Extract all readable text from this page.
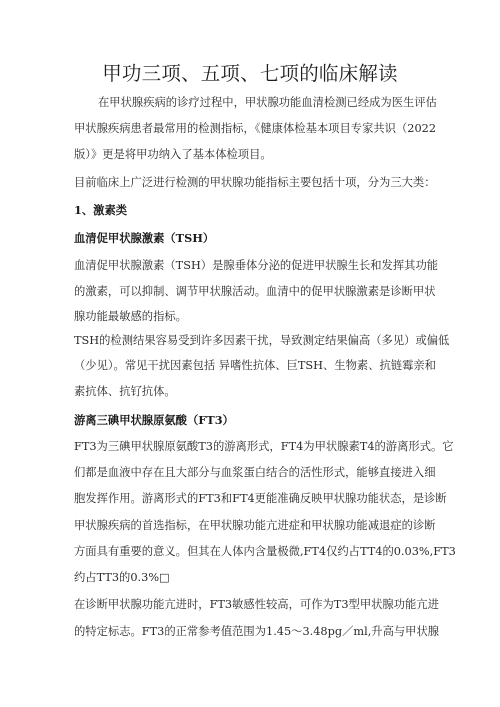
甲功三项、五项、七项的临床解读
在甲状腺疾病的诊疗过程中，甲状腺功能血清检测已经成为医生评估
甲状腺疾病患者最常用的检测指标，《健康体检基本项目专家共识（2022
版）》更是将甲功纳入了基本体检项目。
目前临床上广泛进行检测的甲状腺功能指标主要包括十项，分为三大类：
1、激素类
血清促甲状腺激素（TSH）
血清促甲状腺激素（TSH）是腺垂体分泌的促进甲状腺生长和发挥其功能
的激素，可以抑制、调节甲状腺活动。血清中的促甲状腺激素是诊断甲状
腺功能最敏感的指标。
TSH的检测结果容易受到许多因素干扰，导致测定结果偏高（多见）或偏低
（少见）。常见干扰因素包括 异嗜性抗体、巨TSH、生物素、抗链霉亲和
素抗体、抗钌抗体。
游离三碘甲状腺原氨酸（FT3）
FT3为三碘甲状腺原氨酸T3的游离形式，FT4为甲状腺素T4的游离形式。它
们都是血液中存在且大部分与血浆蛋白结合的活性形式，能够直接进入细
胞发挥作用。游离形式的FT3和FT4更能准确反映甲状腺功能状态，是诊断
甲状腺疾病的首选指标，在甲状腺功能亢进症和甲状腺功能减退症的诊断
方面具有重要的意义。但其在人体内含量极微,FT4仅约占TT4的0.03%,FT3
约占TT3的0.3%□
在诊断甲状腺功能亢进时，FT3敏感性较高，可作为T3型甲状腺功能亢进
的特定标志。FT3的正常参考值范围为1.45～3.48pg／ml,升高与甲状腺
